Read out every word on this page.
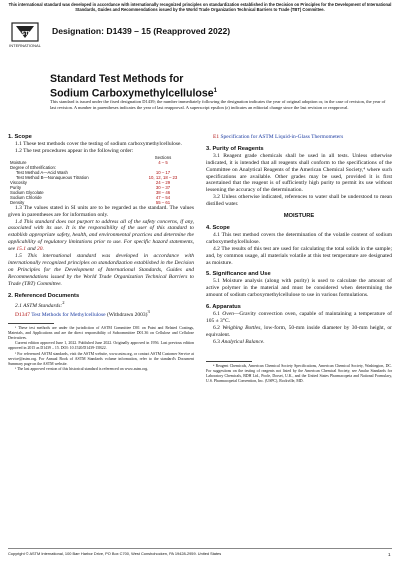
This international standard was developed in accordance with internationally recognized principles on standardization established in the Decision on Principles for the Development of International Standards, Guides and Recommendations issued by the World Trade Organization Technical Barriers to Trade (TBT) Committee.
ASTM
INTERNATIONAL
Designation: D1439 – 15 (Reapproved 2022)
Standard Test Methods for
Sodium Carboxymethylcellulose$^1$
This standard is issued under the fixed designation D1439; the number immediately following the designation indicates the year of original adoption or, in the case of revision, the year of last revision. A number in parentheses indicates the year of last reapproval. A superscript epsilon (ε) indicates an editorial change since the last revision or reapproval.

1. Scope

1.1 These test methods cover the testing of sodium carboxymethylcellulose.

1.2 The test procedures appear in the following order:

	Sections
Moisture	4 – 5
Degree of Etherification:	
Test Method A—Acid Wash	10 – 17
Test Method B—Nonaqueous Titration	10, 12, 18 – 23
Viscosity	24 – 29
Purity	30 – 37
Sodium Glycolate	38 – 46
Sodium Chloride	47 – 54
Density	55 – 61

1.3 The values stated in SI units are to be regarded as the standard. The values given in parentheses are for information only.

1.4 This standard does not purport to address all of the safety concerns, if any, associated with its use. It is the responsibility of the user of this standard to establish appropriate safety, health, and environmental practices and determine the applicability of regulatory limitations prior to use. For specific hazard statements, see 15.1 and 20.

1.5 This international standard was developed in accordance with internationally recognized principles on standardization established in the Decision on Principles for the Development of International Standards, Guides and Recommendations issued by the World Trade Organization Technical Barriers to Trade (TBT) Committee.

2. Referenced Documents

2.1 ASTM Standards:$^2$

D1347 Test Methods for Methylcellulose (Withdrawn 2003)$^3$

¹ These test methods are under the jurisdiction of ASTM Committee D01 on Paint and Related Coatings, Materials, and Applications and are the direct responsibility of Subcommittee D01.36 on Cellulose and Cellulose Derivatives.

Current edition approved June 1, 2022. Published June 2022. Originally approved in 1956. Last previous edition approved in 2015 as D1439 – 15. DOI: 10.1520/D1439-15R22.

² For referenced ASTM standards, visit the ASTM website, www.astm.org, or contact ASTM Customer Service at service@astm.org. For Annual Book of ASTM Standards volume information, refer to the standard's Document Summary page on the ASTM website.

³ The last approved version of this historical standard is referenced on www.astm.org.

E1 Specification for ASTM Liquid-in-Glass Thermometers

3. Purity of Reagents

3.1 Reagent grade chemicals shall be used in all tests. Unless otherwise indicated, it is intended that all reagents shall conform to the specifications of the Committee on Analytical Reagents of the American Chemical Society,⁴ where such specifications are available. Other grades may be used, provided it is first ascertained that the reagent is of sufficiently high purity to permit its use without lessening the accuracy of the determination.

3.2 Unless otherwise indicated, references to water shall be understood to mean distilled water.

MOISTURE

4. Scope

4.1 This test method covers the determination of the volatile content of sodium carboxymethylcellulose.

4.2 The results of this test are used for calculating the total solids in the sample; and, by common usage, all materials volatile at this test temperature are designated as moisture.

5. Significance and Use

5.1 Moisture analysis (along with purity) is used to calculate the amount of active polymer in the material and must be considered when determining the amount of sodium carboxymethylcellulose to use in various formulations.

6. Apparatus

6.1 Oven—Gravity convection oven, capable of maintaining a temperature of 105 ± 3°C.

6.2 Weighing Bottles, low-form, 50-mm inside diameter by 30-mm height, or equivalent.

6.3 Analytical Balance.

⁴ Reagent Chemicals, American Chemical Society Specifications, American Chemical Society, Washington, DC. For suggestions on the testing of reagents not listed by the American Chemical Society, see Analar Standards for Laboratory Chemicals, BDH Ltd., Poole, Dorset, U.K., and the United States Pharmacopeia and National Formulary, U.S. Pharmacopeial Convention, Inc. (USPC), Rockville, MD.

Copyright © ASTM International, 100 Barr Harbor Drive, PO Box C700, West Conshohocken, PA 19428-2959. United States	1
